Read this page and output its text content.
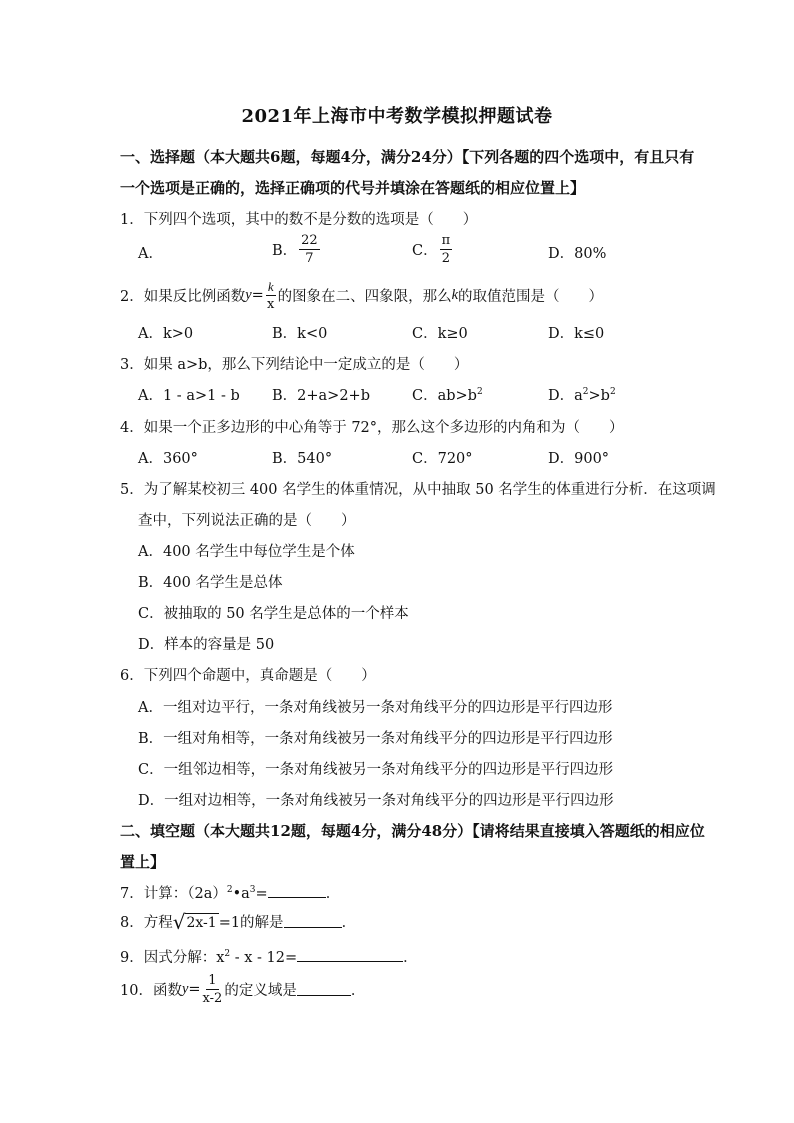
2021年上海市中考数学模拟押题试卷
一、选择题（本大题共6题，每题4分，满分24分）【下列各题的四个选项中，有且只有
一个选项是正确的，选择正确项的代号并填涂在答题纸的相应位置上】
1．下列四个选项，其中的数不是分数的选项是（　　）
A．	B． $\frac{22}{7}$	C． $\frac{\pi}{2}$	D．80%
2．如果反比例函数$y= \frac{k}{x}$ 的图象在二、四象限，那么k的取值范围是（　　）
A．k>0	B．k<0	C．k≥0	D．k≤0
3．如果 a>b，那么下列结论中一定成立的是（　　）
A．1 - a>1 - b B．2+a>2+b	C．$ab>b^2$	D．$a^2>b^2$
4．如果一个正多边形的中心角等于 72°，那么这个多边形的内角和为（　　）
A．360°	B．540°	C．720°	D．900°
5．为了解某校初三 400 名学生的体重情况，从中抽取 50 名学生的体重进行分析．在这项调
查中，下列说法正确的是（　　）
A．400 名学生中每位学生是个体
B．400 名学生是总体
C．被抽取的 50 名学生是总体的一个样本
D．样本的容量是 50
6．下列四个命题中，真命题是（　　）
A．一组对边平行，一条对角线被另一条对角线平分的四边形是平行四边形
B．一组对角相等，一条对角线被另一条对角线平分的四边形是平行四边形
C．一组邻边相等，一条对角线被另一条对角线平分的四边形是平行四边形
D．一组对边相等，一条对角线被另一条对角线平分的四边形是平行四边形
二、填空题（本大题共12题，每题4分，满分48分）【请将结果直接填入答题纸的相应位
置上】
7．计算：$(2a)^2•a^3=$	．
8．方程 √ 2x-1 =1的解是	．
9．因式分解：$x^2 - x - 12=$	．
10．函数$y= \frac{1}{x-2}$ 的定义域是	．
